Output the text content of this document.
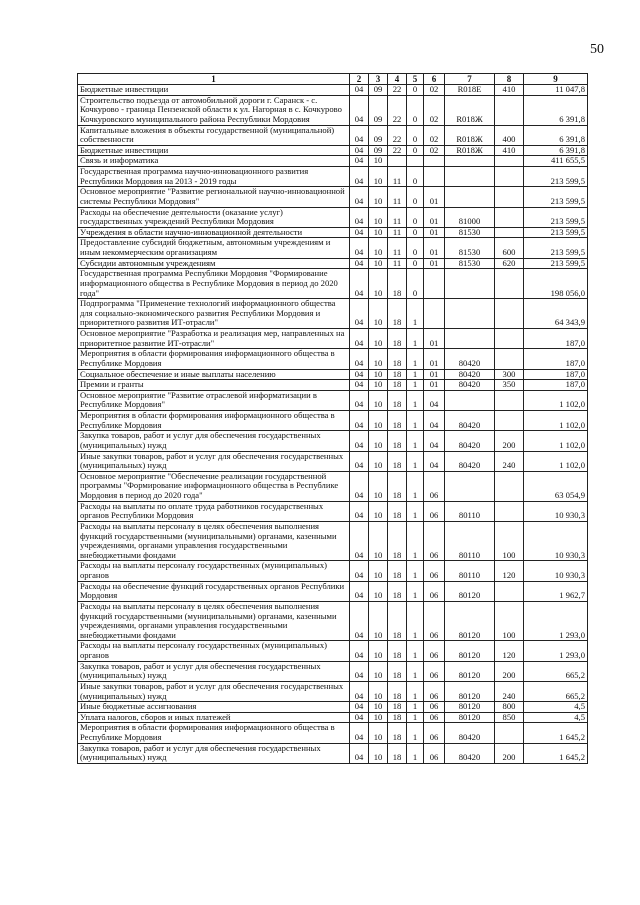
50
1	2	3	4	5	6	7	8	9
Бюджетные инвестиции	04	09	22	0	02	R018E	410	11 047,8
Строительство подъезда от автомобильной дороги г. Саранск - с. Кочкурово - граница Пензенской области к ул. Нагорная в с. Кочкурово Кочкуровского муниципального района Республики Мордовия	04	09	22	0	02	R018Ж		6 391,8
Капитальные вложения в объекты государственной (муниципальной) собственности	04	09	22	0	02	R018Ж	400	6 391,8
Бюджетные инвестиции	04	09	22	0	02	R018Ж	410	6 391,8
Связь и информатика	04	10						411 655,5
Государственная программа научно-инновационного развития Республики Мордовия на 2013 - 2019 годы	04	10	11	0				213 599,5
Основное мероприятие "Развитие региональной научно-инновационной системы Республики Мордовия"	04	10	11	0	01			213 599,5
Расходы на обеспечение деятельности (оказание услуг) государственных учреждений Республики Мордовия	04	10	11	0	01	81000		213 599,5
Учреждения в области научно-инновационной деятельности	04	10	11	0	01	81530		213 599,5
Предоставление субсидий бюджетным, автономным учреждениям и иным некоммерческим организациям	04	10	11	0	01	81530	600	213 599,5
Субсидии автономным учреждениям	04	10	11	0	01	81530	620	213 599,5
Государственная программа Республики Мордовия "Формирование информационного общества в Республике Мордовия в период до 2020 года"	04	10	18	0				198 056,0
Подпрограмма "Применение технологий информационного общества для социально-экономического развития Республики Мордовия и приоритетного развития ИТ-отрасли"	04	10	18	1				64 343,9
Основное мероприятие "Разработка и реализация мер, направленных на приоритетное развитие ИТ-отрасли"	04	10	18	1	01			187,0
Мероприятия в области формирования информационного общества в Республике Мордовия	04	10	18	1	01	80420		187,0
Социальное обеспечение и иные выплаты населению	04	10	18	1	01	80420	300	187,0
Премии и гранты	04	10	18	1	01	80420	350	187,0
Основное мероприятие "Развитие отраслевой информатизации в Республике Мордовия"	04	10	18	1	04			1 102,0
Мероприятия в области формирования информационного общества в Республике Мордовия	04	10	18	1	04	80420		1 102,0
Закупка товаров, работ и услуг для обеспечения государственных (муниципальных) нужд	04	10	18	1	04	80420	200	1 102,0
Иные закупки товаров, работ и услуг для обеспечения государственных (муниципальных) нужд	04	10	18	1	04	80420	240	1 102,0
Основное мероприятие "Обеспечение реализации государственной программы "Формирование информационного общества в Республике Мордовия в период до 2020 года"	04	10	18	1	06			63 054,9
Расходы на выплаты по оплате труда работников государственных органов Республики Мордовия	04	10	18	1	06	80110		10 930,3
Расходы на выплаты персоналу в целях обеспечения выполнения функций государственными (муниципальными) органами, казенными учреждениями, органами управления государственными внебюджетными фондами	04	10	18	1	06	80110	100	10 930,3
Расходы на выплаты персоналу государственных (муниципальных) органов	04	10	18	1	06	80110	120	10 930,3
Расходы на обеспечение функций государственных органов Республики Мордовия	04	10	18	1	06	80120		1 962,7
Расходы на выплаты персоналу в целях обеспечения выполнения функций государственными (муниципальными) органами, казенными учреждениями, органами управления государственными внебюджетными фондами	04	10	18	1	06	80120	100	1 293,0
Расходы на выплаты персоналу государственных (муниципальных) органов	04	10	18	1	06	80120	120	1 293,0
Закупка товаров, работ и услуг для обеспечения государственных (муниципальных) нужд	04	10	18	1	06	80120	200	665,2
Иные закупки товаров, работ и услуг для обеспечения государственных (муниципальных) нужд	04	10	18	1	06	80120	240	665,2
Иные бюджетные ассигнования	04	10	18	1	06	80120	800	4,5
Уплата налогов, сборов и иных платежей	04	10	18	1	06	80120	850	4,5
Мероприятия в области формирования информационного общества в Республике Мордовия	04	10	18	1	06	80420		1 645,2
Закупка товаров, работ и услуг для обеспечения государственных (муниципальных) нужд	04	10	18	1	06	80420	200	1 645,2
